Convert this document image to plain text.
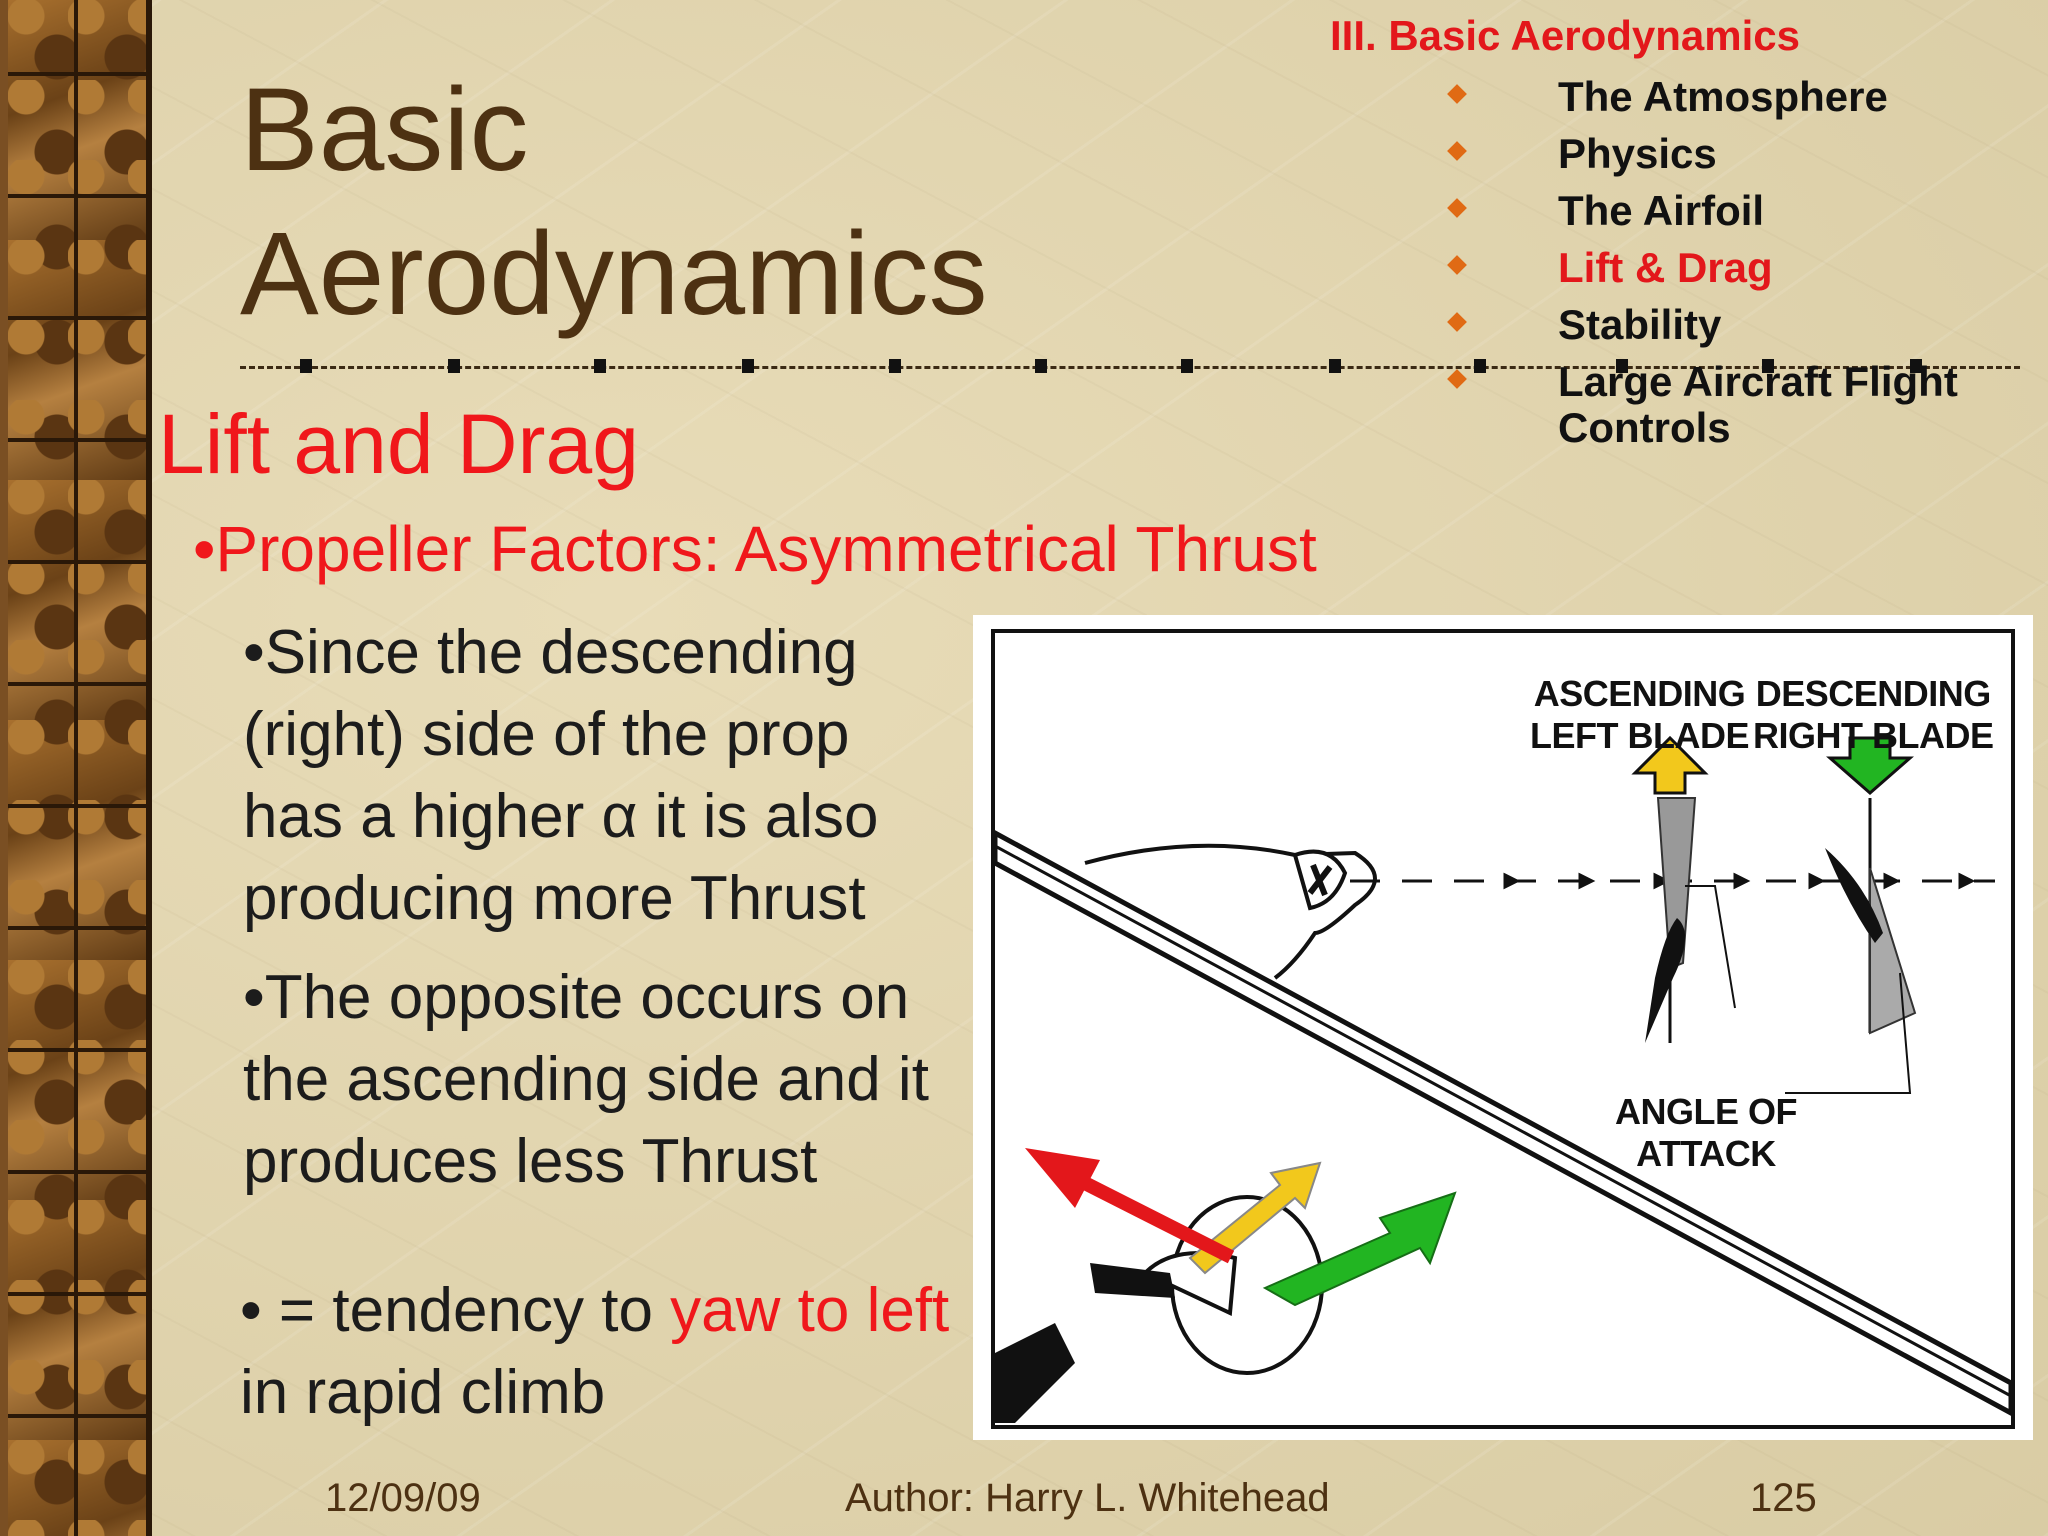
Basic
Aerodynamics
III. Basic Aerodynamics
The Atmosphere
Physics
The Airfoil
Lift & Drag
Stability
Large Aircraft Flight
Controls
Lift and Drag
•Propeller Factors: Asymmetrical Thrust
•Since the descending (right) side of the prop has a higher α it is also producing more Thrust
•The opposite occurs on the ascending side and it produces less Thrust
• = tendency to yaw to left in rapid climb
ASCENDING
LEFT BLADE
DESCENDING
RIGHT BLADE
ANGLE OF
ATTACK
12/09/09	Author: Harry L. Whitehead	125
